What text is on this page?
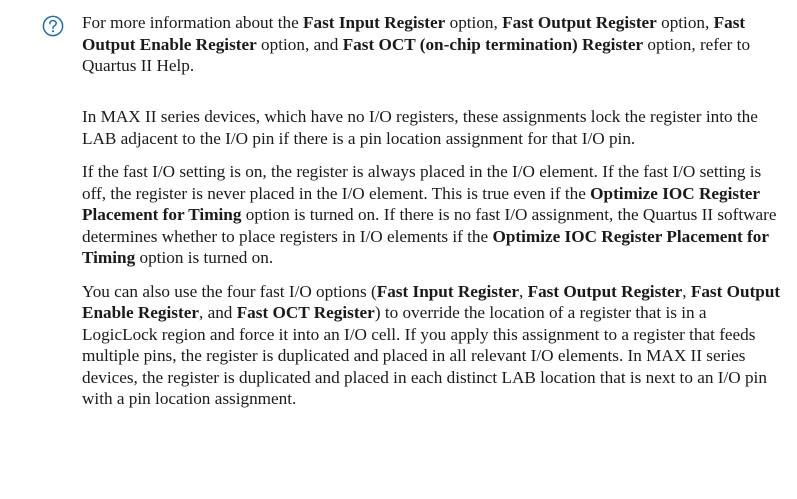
For more information about the Fast Input Register option, Fast Output Register option, Fast Output Enable Register option, and Fast OCT (on-chip termination) Register option, refer to Quartus II Help.

In MAX II series devices, which have no I/O registers, these assignments lock the register into the LAB adjacent to the I/O pin if there is a pin location assignment for that I/O pin.

If the fast I/O setting is on, the register is always placed in the I/O element. If the fast I/O setting is off, the register is never placed in the I/O element. This is true even if the Optimize IOC Register Placement for Timing option is turned on. If there is no fast I/O assignment, the Quartus II software determines whether to place registers in I/O elements if the Optimize IOC Register Placement for Timing option is turned on.

You can also use the four fast I/O options (Fast Input Register, Fast Output Register, Fast Output Enable Register, and Fast OCT Register) to override the location of a register that is in a LogicLock region and force it into an I/O cell. If you apply this assignment to a register that feeds multiple pins, the register is duplicated and placed in all relevant I/O elements. In MAX II series devices, the register is duplicated and placed in each distinct LAB location that is next to an I/O pin with a pin location assignment.
